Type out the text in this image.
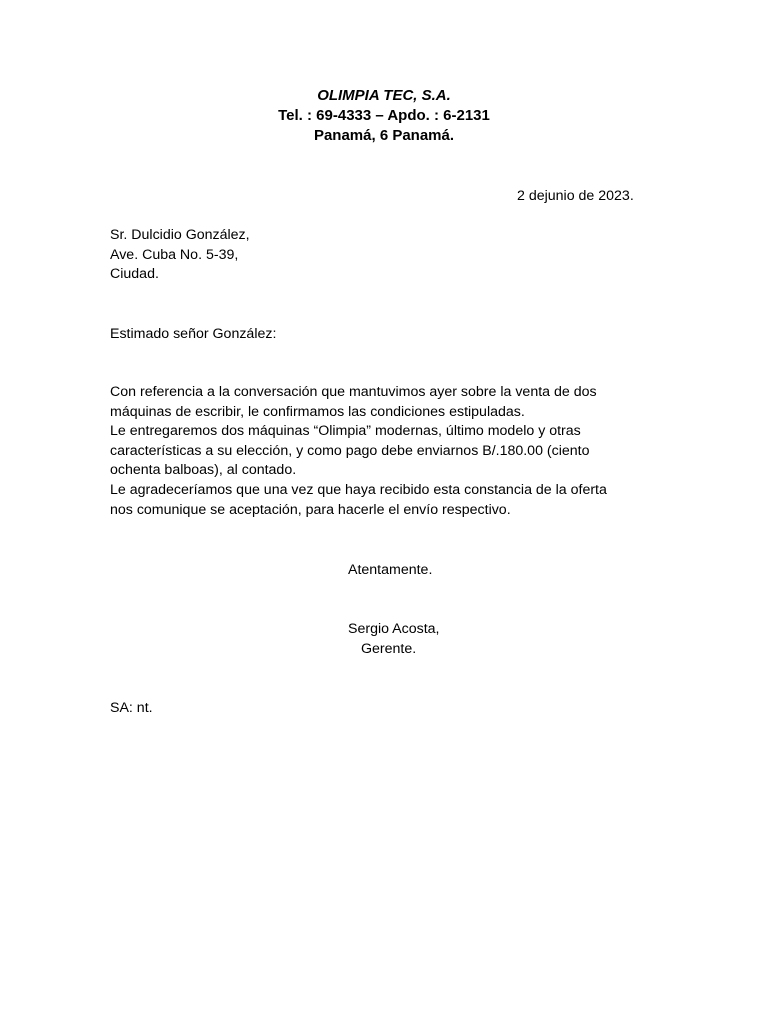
OLIMPIA TEC, S.A.
Tel. : 69-4333 – Apdo. : 6-2131
Panamá, 6 Panamá.
2 dejunio de 2023.
Sr. Dulcidio González,
Ave. Cuba No. 5-39,
Ciudad.
Estimado señor González:
Con referencia a la conversación que mantuvimos ayer sobre la venta de dos
máquinas de escribir, le confirmamos las condiciones estipuladas.
Le entregaremos dos máquinas “Olimpia” modernas, último modelo y otras
características a su elección, y como pago debe enviarnos B/.180.00 (ciento
ochenta balboas), al contado.
Le agradeceríamos que una vez que haya recibido esta constancia de la oferta
nos comunique se aceptación, para hacerle el envío respectivo.
Atentamente.
Sergio Acosta,
Gerente.
SA: nt.
